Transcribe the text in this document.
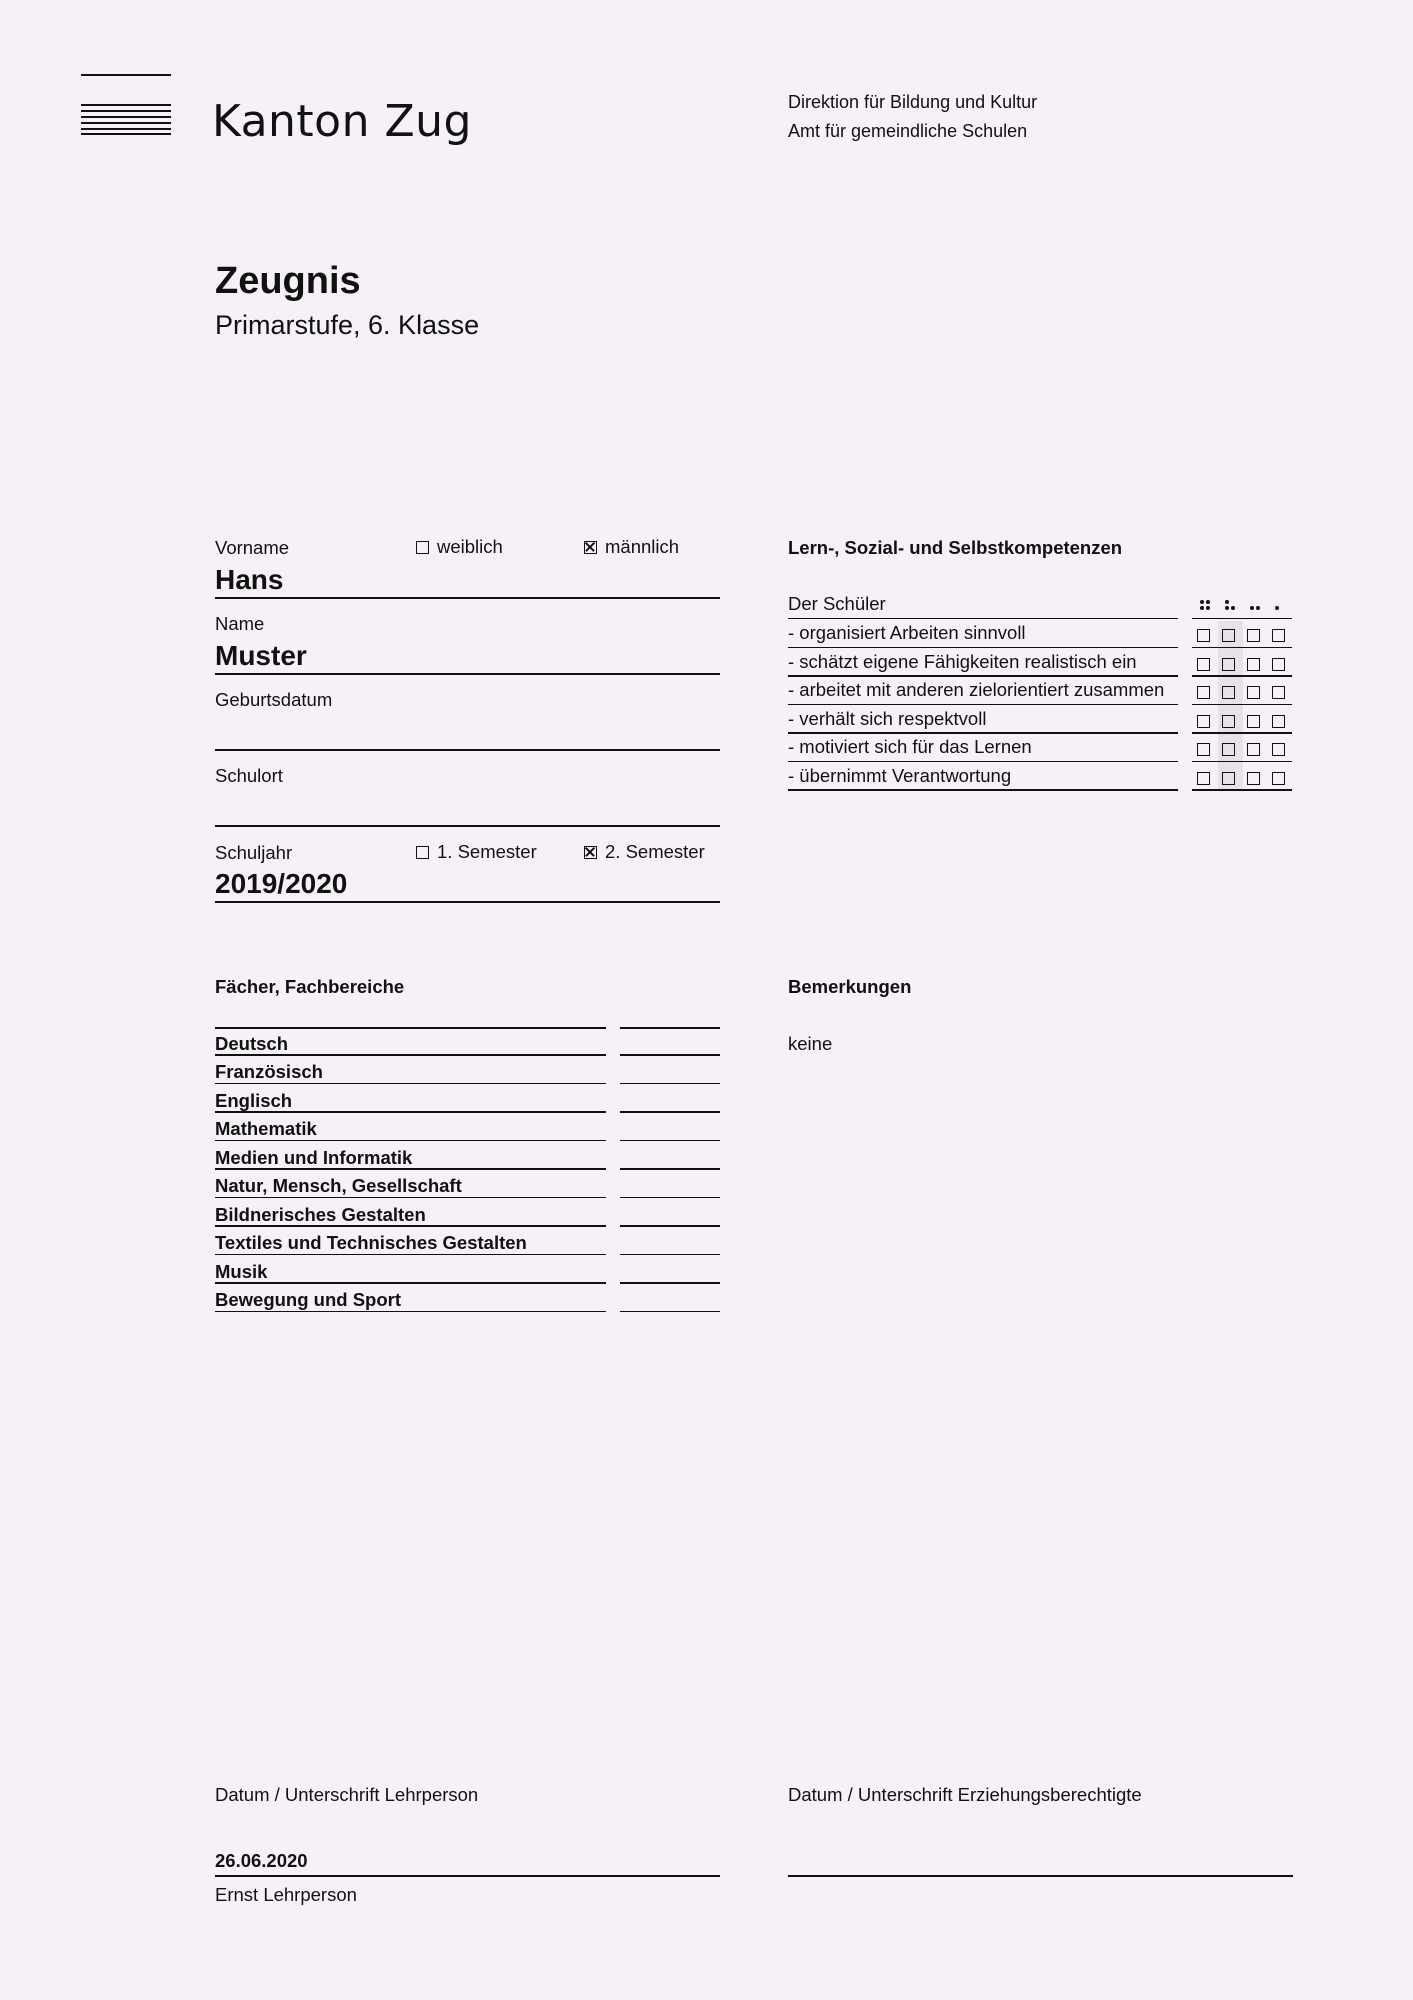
Kanton Zug	Direktion für Bildung und Kultur
Amt für gemeindliche Schulen
Zeugnis
Primarstufe, 6. Klasse
Vorname	weiblich	männlich
Hans
Name
Muster
Geburtsdatum
Schulort
Schuljahr	1. Semester	2. Semester
2019/2020
Lern-, Sozial- und Selbstkompetenzen
Der Schüler
- organisiert Arbeiten sinnvoll
- schätzt eigene Fähigkeiten realistisch ein
- arbeitet mit anderen zielorientiert zusammen
- verhält sich respektvoll
- motiviert sich für das Lernen
- übernimmt Verantwortung
Fächer, Fachbereiche
Deutsch
Französisch
Englisch
Mathematik
Medien und Informatik
Natur, Mensch, Gesellschaft
Bildnerisches Gestalten
Textiles und Technisches Gestalten
Musik
Bewegung und Sport
Bemerkungen
keine
Datum / Unterschrift Lehrperson
26.06.2020
Ernst Lehrperson
Datum / Unterschrift Erziehungsberechtigte
